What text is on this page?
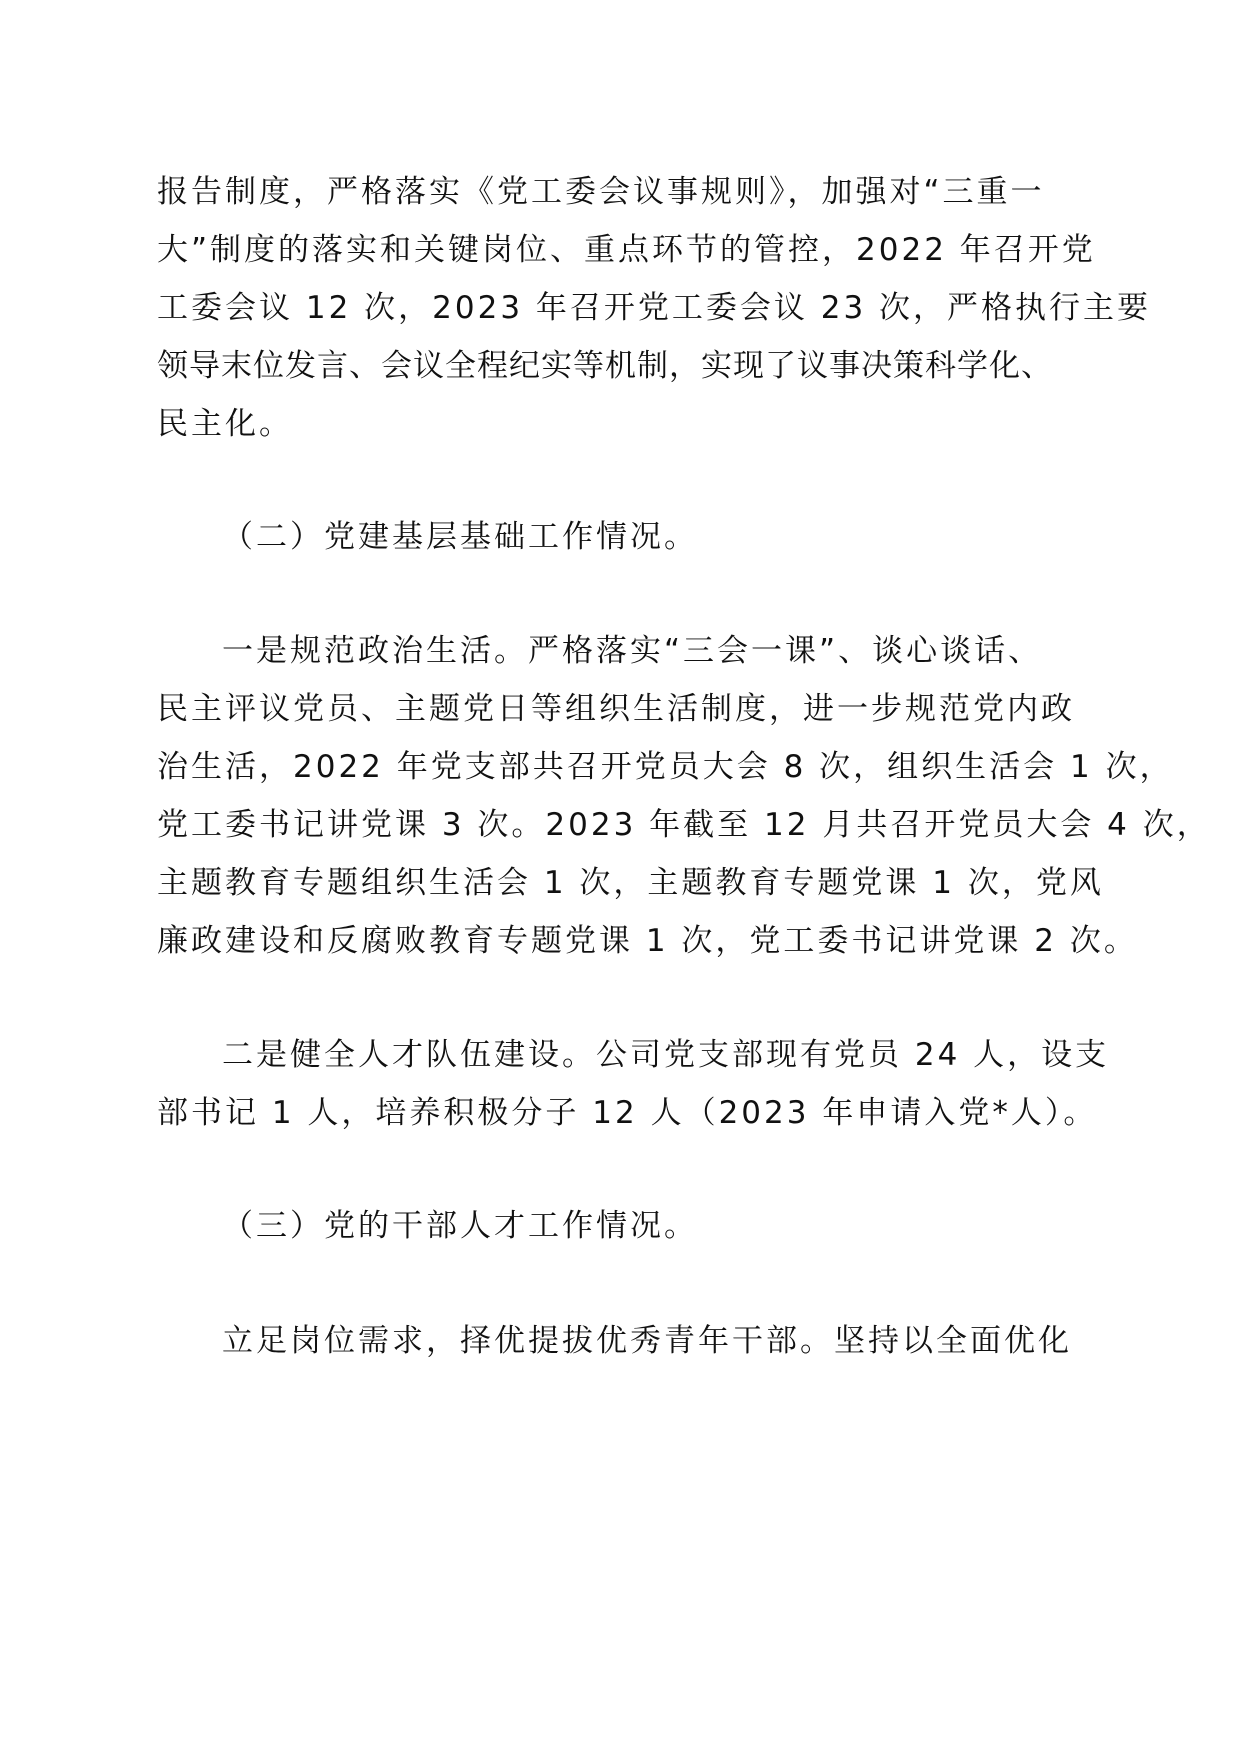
报告制度，严格落实《党工委会议事规则》，加强对“三重一

大”制度的落实和关键岗位、重点环节的管控，2022 年召开党

工委会议 12 次，2023 年召开党工委会议 23 次，严格执行主要

领导末位发言、会议全程纪实等机制，实现了议事决策科学化、

民主化。

（二）党建基层基础工作情况。

一是规范政治生活。严格落实“三会一课”、谈心谈话、

民主评议党员、主题党日等组织生活制度，进一步规范党内政

治生活，2022 年党支部共召开党员大会 8 次，组织生活会 1 次，

党工委书记讲党课 3 次。2023 年截至 12 月共召开党员大会 4 次，

主题教育专题组织生活会 1 次，主题教育专题党课 1 次，党风

廉政建设和反腐败教育专题党课 1 次，党工委书记讲党课 2 次。

二是健全人才队伍建设。公司党支部现有党员 24 人，设支

部书记 1 人，培养积极分子 12 人（2023 年申请入党*人）。

（三）党的干部人才工作情况。

立足岗位需求，择优提拔优秀青年干部。坚持以全面优化
